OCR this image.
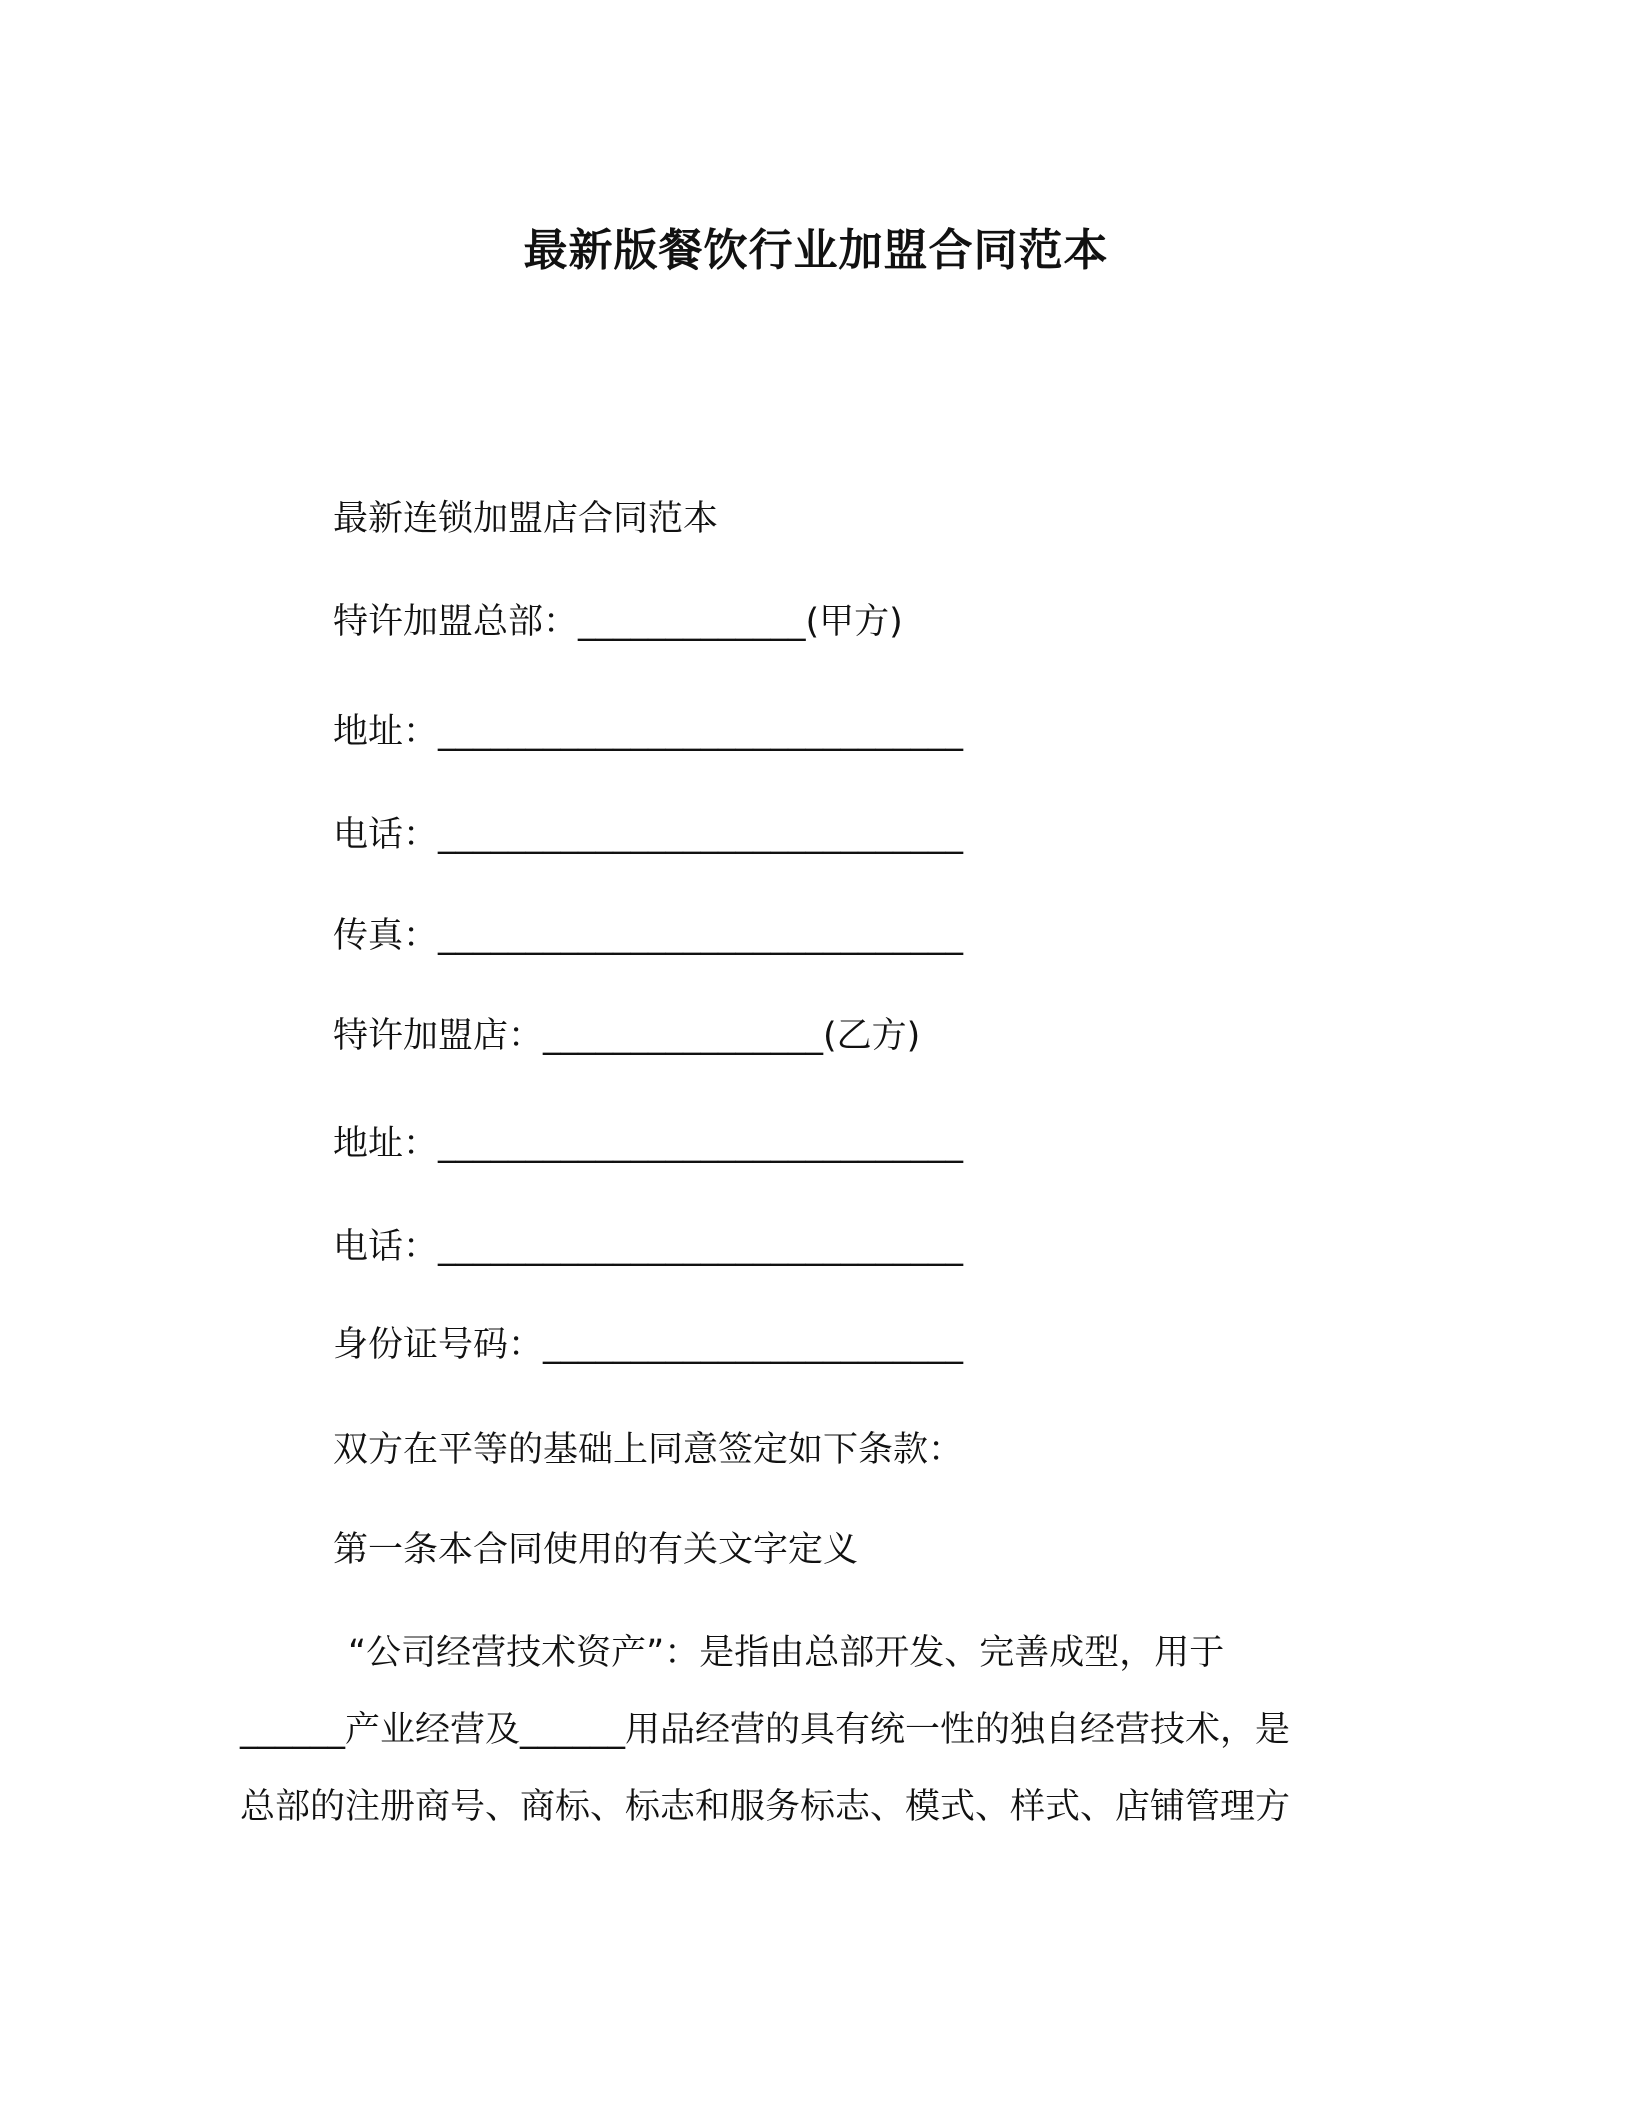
最新版餐饮行业加盟合同范本
最新连锁加盟店合同范本
特许加盟总部：_____________(甲方)
地址：______________________________
电话：______________________________
传真：______________________________
特许加盟店：________________(乙方)
地址：______________________________
电话：______________________________
身份证号码：________________________
双方在平等的基础上同意签定如下条款：
第一条本合同使用的有关文字定义
“公司经营技术资产”：是指由总部开发、完善成型，用于
______产业经营及______用品经营的具有统一性的独自经营技术，是
总部的注册商号、商标、标志和服务标志、模式、样式、店铺管理方
